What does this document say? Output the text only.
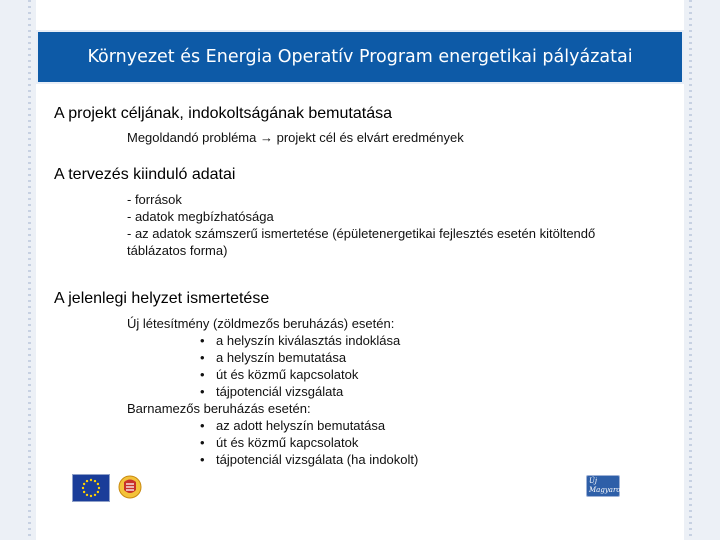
Környezet és Energia Operatív Program energetikai pályázatai

A projekt céljának, indokoltságának bemutatása

Megoldandó probléma → projekt cél és elvárt eredmények

A tervezés kiinduló adatai

- források

- adatok megbízhatósága

- az adatok számszerű ismertetése (épületenergetikai fejlesztés esetén kitöltendő

táblázatos forma)

A jelenlegi helyzet ismertetése

Új létesítmény (zöldmezős beruházás) esetén:

• a helyszín kiválasztás indoklása

• a helyszín bemutatása

• út és közmű kapcsolatok

• tájpotenciál vizsgálata

Barnamezős beruházás esetén:

• az adott helyszín bemutatása

• út és közmű kapcsolatok

• tájpotenciál vizsgálata (ha indokolt)

Új Magyarország
